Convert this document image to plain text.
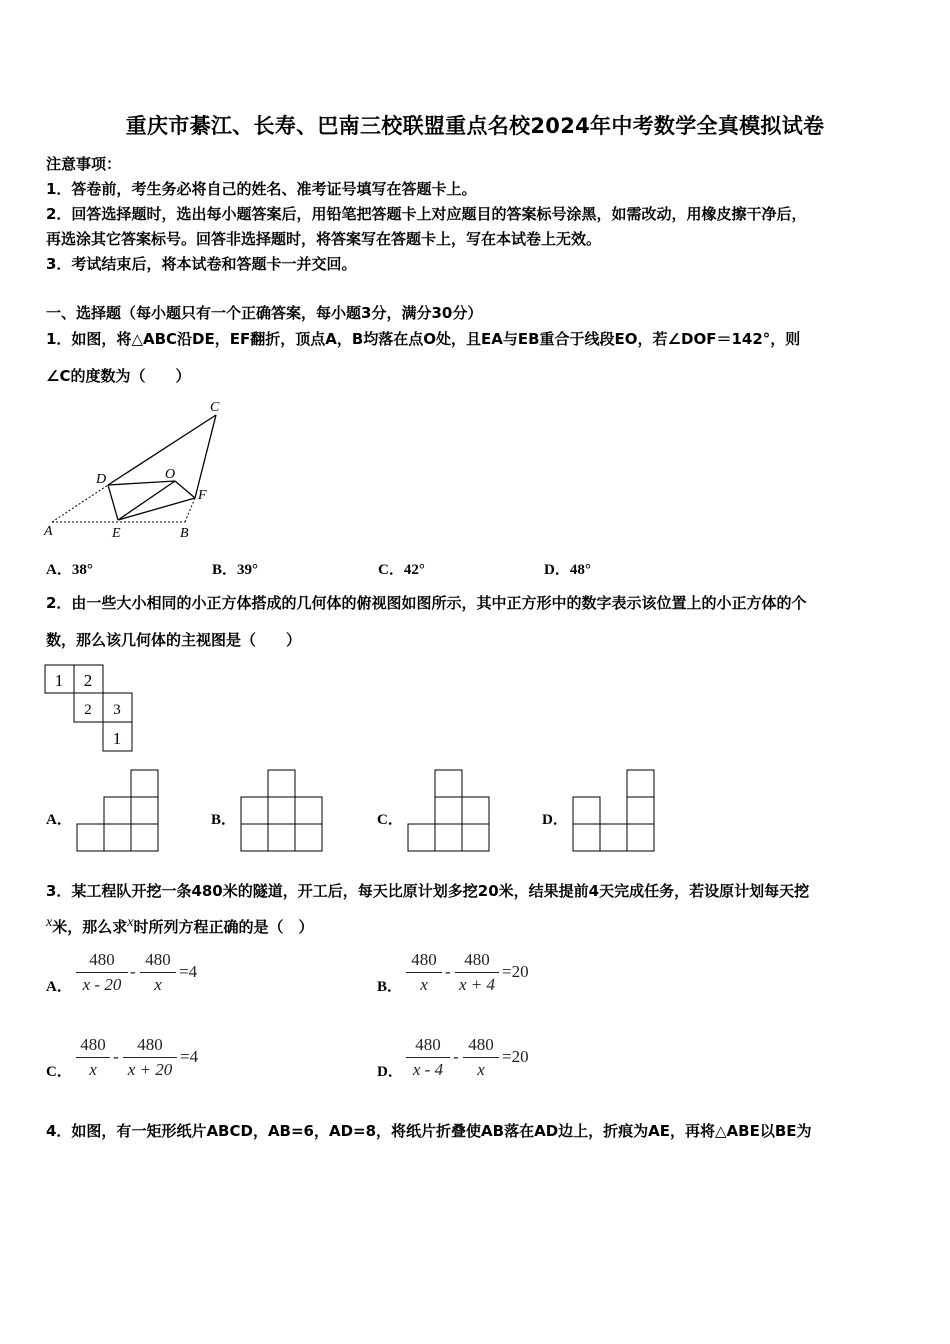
重庆市綦江、长寿、巴南三校联盟重点名校2024年中考数学全真模拟试卷
注意事项：
1．答卷前，考生务必将自己的姓名、准考证号填写在答题卡上。
2．回答选择题时，选出每小题答案后，用铅笔把答题卡上对应题目的答案标号涂黑，如需改动，用橡皮擦干净后，
再选涂其它答案标号。回答非选择题时，将答案写在答题卡上，写在本试卷上无效。
3．考试结束后，将本试卷和答题卡一并交回。
一、选择题（每小题只有一个正确答案，每小题3分，满分30分）
1．如图，将△ABC沿DE，EF翻折，顶点A，B均落在点O处，且EA与EB重合于线段EO，若∠DOF＝142°，则
∠C的度数为（　　）
C
D	O
F
A	E	B
A．38°	B．39°	C．42°	D．48°
2．由一些大小相同的小正方体搭成的几何体的俯视图如图所示，其中正方形中的数字表示该位置上的小正方体的个
数，那么该几何体的主视图是（　　）
1 2
2 3
1
A．	B．	C．	D．
3．某工程队开挖一条480米的隧道，开工后，每天比原计划多挖20米，结果提前4天完成任务，若设原计划每天挖
x米，那么求x时所列方程正确的是（　）
A．
480
x - 20
-
480
x
=4
B．
480
x
-
480
x + 4
=20
C．
480
x
-
480
x + 20
=4
D．
480
x - 4
-
480
x
=20
4．如图，有一矩形纸片ABCD，AB=6，AD=8，将纸片折叠使AB落在AD边上，折痕为AE，再将△ABE以BE为
